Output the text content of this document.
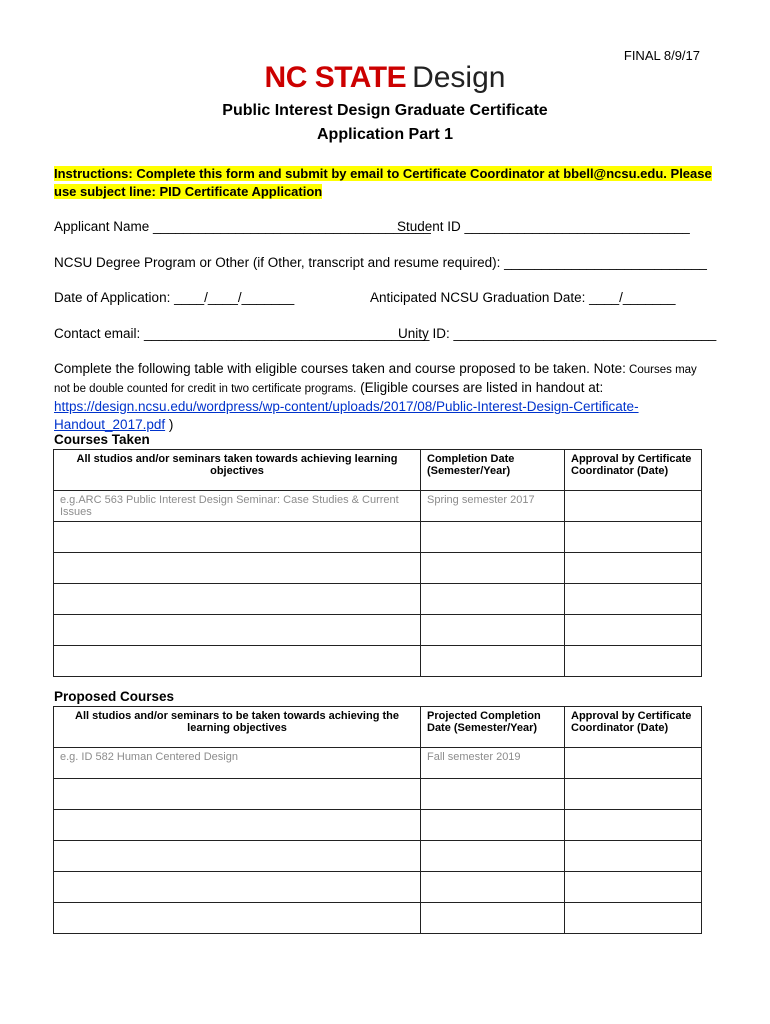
FINAL 8/9/17
NC STATE Design
Public Interest Design Graduate Certificate
Application Part 1
Instructions: Complete this form and submit by email to Certificate Coordinator at bbell@ncsu.edu. Please
use subject line: PID Certificate Application
Applicant Name _____________________________________
Student ID ______________________________
NCSU Degree Program or Other (if Other, transcript and resume required): ___________________________
Date of Application: ____/____/_______	Anticipated NCSU Graduation Date: ____/_______
Contact email: ______________________________________
Unity ID: ___________________________________
Complete the following table with eligible courses taken and course proposed to be taken. Note: Courses may not be double counted for credit in two certificate programs. (Eligible courses are listed in handout at:
https://design.ncsu.edu/wordpress/wp-content/uploads/2017/08/Public-Interest-Design-Certificate-Handout_2017.pdf )
Courses Taken
All studios and/or seminars taken towards achieving learning objectives	Completion Date (Semester/Year)	Approval by Certificate Coordinator (Date)
e.g.ARC 563 Public Interest Design Seminar: Case Studies & Current Issues	Spring semester 2017	

Proposed Courses
All studios and/or seminars to be taken towards achieving the learning objectives	Projected Completion Date (Semester/Year)	Approval by Certificate Coordinator (Date)
e.g. ID 582 Human Centered Design	Fall semester 2019	
